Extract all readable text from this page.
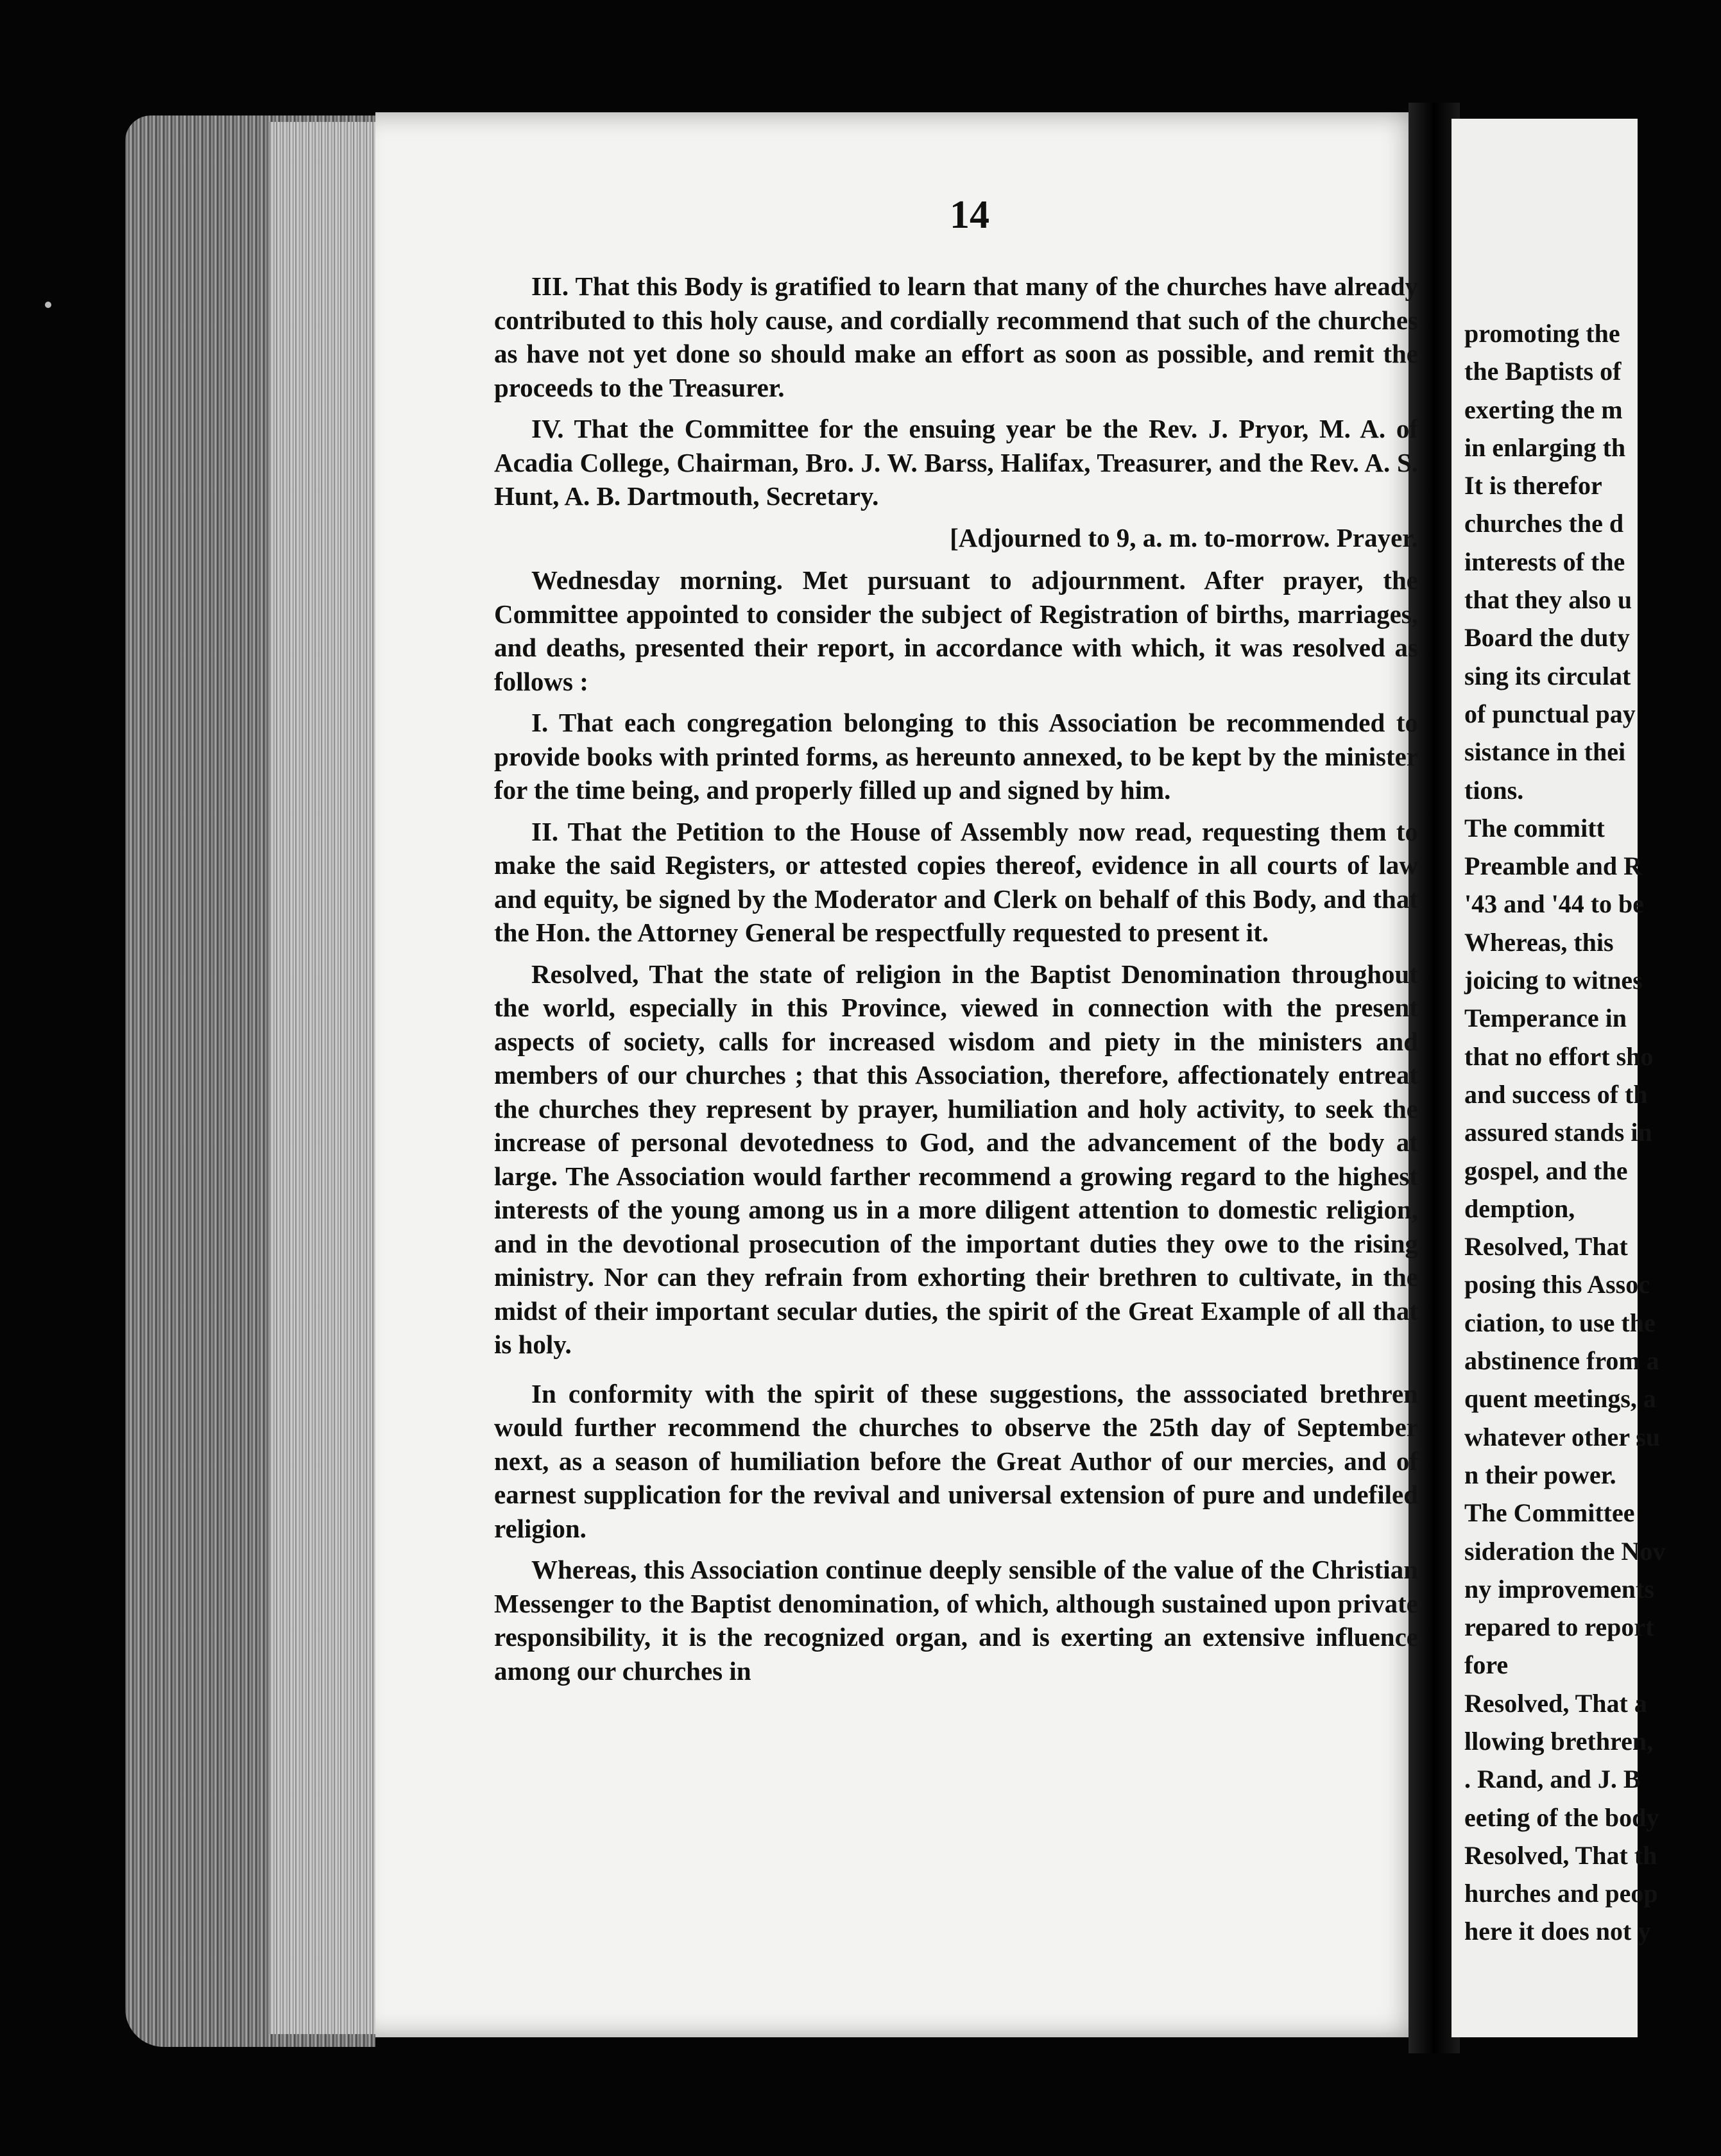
14

III. That this Body is gratified to learn that many of the churches have already contributed to this holy cause, and cordially recommend that such of the churches as have not yet done so should make an effort as soon as possible, and remit the proceeds to the Treasurer.

IV. That the Committee for the ensuing year be the Rev. J. Pryor, M. A. of Acadia College, Chairman, Bro. J. W. Barss, Halifax, Treasurer, and the Rev. A. S. Hunt, A. B. Dartmouth, Secretary.

[Adjourned to 9, a. m. to-morrow. Prayer.

Wednesday morning. Met pursuant to adjournment. After prayer, the Committee appointed to consider the subject of Registration of births, marriages, and deaths, presented their report, in accordance with which, it was resolved as follows :

I. That each congregation belonging to this Association be recommended to provide books with printed forms, as hereunto annexed, to be kept by the minister for the time being, and properly filled up and signed by him.

II. That the Petition to the House of Assembly now read, requesting them to make the said Registers, or attested copies thereof, evidence in all courts of law and equity, be signed by the Moderator and Clerk on behalf of this Body, and that the Hon. the Attorney General be respectfully requested to present it.

Resolved, That the state of religion in the Baptist Denomination throughout the world, especially in this Province, viewed in connection with the present aspects of society, calls for increased wisdom and piety in the ministers and members of our churches ; that this Association, therefore, affectionately entreat the churches they represent by prayer, humiliation and holy activity, to seek the increase of personal devotedness to God, and the advancement of the body at large. The Association would farther recommend a growing regard to the highest interests of the young among us in a more diligent attention to domestic religion, and in the devotional prosecution of the important duties they owe to the rising ministry. Nor can they refrain from exhorting their brethren to cultivate, in the midst of their important secular duties, the spirit of the Great Example of all that is holy.

In conformity with the spirit of these suggestions, the asssociated brethren would further recommend the churches to observe the 25th day of September next, as a season of humiliation before the Great Author of our mercies, and of earnest supplication for the revival and universal extension of pure and undefiled religion.

Whereas, this Association continue deeply sensible of the value of the Christian Messenger to the Baptist denomination, of which, although sustained upon private responsibility, it is the recognized organ, and is exerting an extensive influence among our churches in

promoting the
the Baptists of
exerting the m
in enlarging th
It is therefor
churches the d
interests of the
that they also u
Board the duty
sing its circulat
of punctual pay
sistance in thei
tions.
The committ
Preamble and R
'43 and '44 to be
Whereas, this
joicing to witnes
Temperance in
that no effort sho
and success of th
assured stands in
gospel, and the
demption,
Resolved, That
posing this Assoc
ciation, to use the
abstinence from a
quent meetings, a
whatever other su
n their power.
The Committee
sideration the Nov
ny improvements
repared to report
fore
Resolved, That a
llowing brethren,
. Rand, and J. B
eeting of the body
Resolved, That th
hurches and peop
here it does not y
